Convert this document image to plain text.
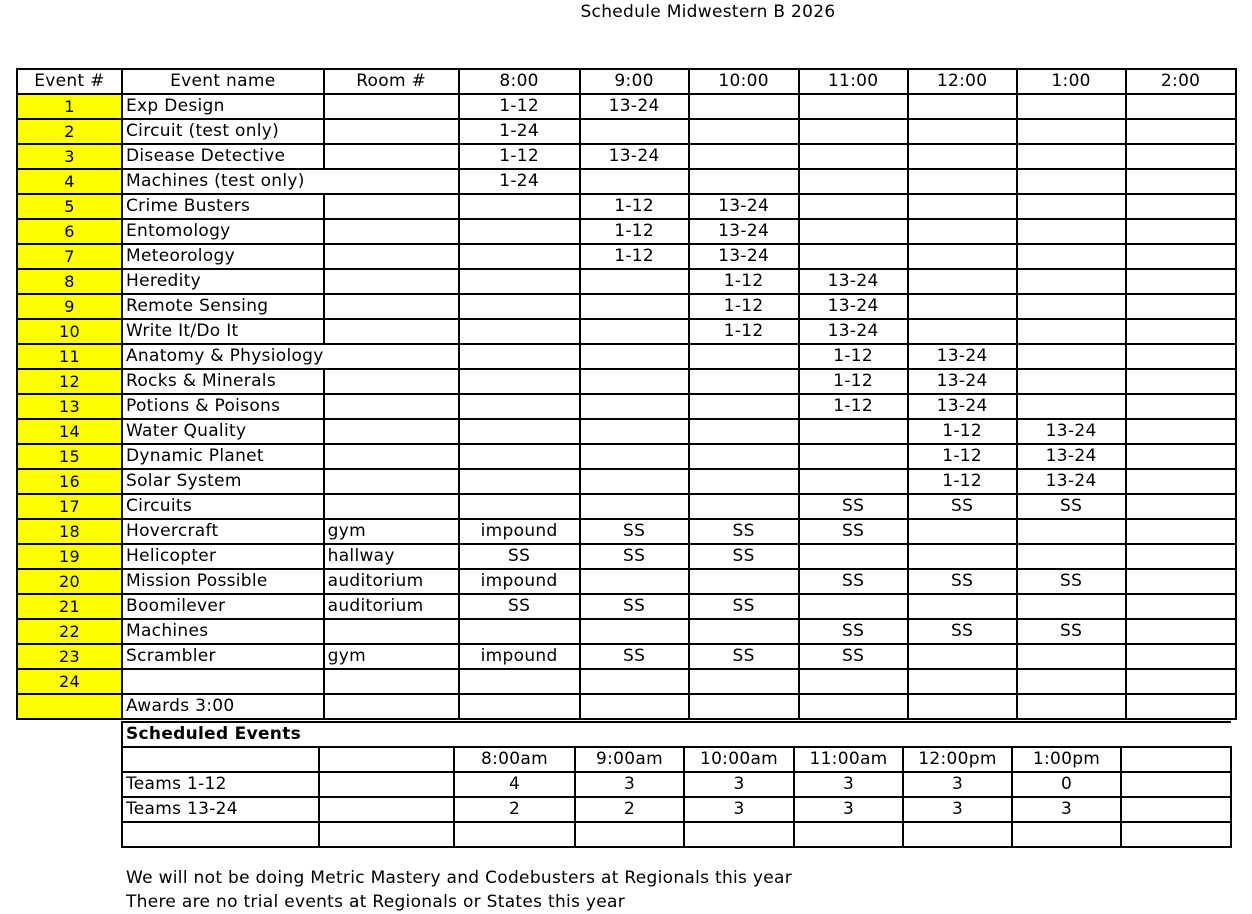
Schedule Midwestern B 2026
Event #	Event name	Room #	8:00	9:00	10:00	11:00	12:00	1:00	2:00
1	Exp Design		1-12	13-24					
2	Circuit (test only)		1-24						
3	Disease Detective		1-12	13-24					
4	Machines (test only)		1-24						
5	Crime Busters			1-12	13-24				
6	Entomology			1-12	13-24				
7	Meteorology			1-12	13-24				
8	Heredity				1-12	13-24			
9	Remote Sensing				1-12	13-24			
10	Write It/Do It				1-12	13-24			
11	Anatomy & Physiology					1-12	13-24		
12	Rocks & Minerals					1-12	13-24		
13	Potions & Poisons					1-12	13-24		
14	Water Quality						1-12	13-24	
15	Dynamic Planet						1-12	13-24	
16	Solar System						1-12	13-24	
17	Circuits					SS	SS	SS	
18	Hovercraft	gym	impound	SS	SS	SS			
19	Helicopter	hallway	SS	SS	SS				
20	Mission Possible	auditorium	impound			SS	SS	SS	
21	Boomilever	auditorium	SS	SS	SS				
22	Machines					SS	SS	SS	
23	Scrambler	gym	impound	SS	SS	SS			
24									
	Awards 3:00								
Scheduled Events								
		8:00am	9:00am	10:00am	11:00am	12:00pm	1:00pm	
Teams 1-12		4	3	3	3	3	0	
Teams 13-24		2	2	3	3	3	3	

We will not be doing Metric Mastery and Codebusters at Regionals this year
There are no trial events at Regionals or States this year
